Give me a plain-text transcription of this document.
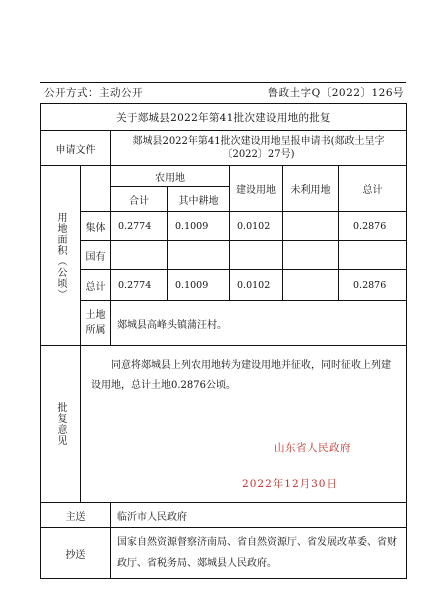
公开方式：主动公开	鲁政土字Q〔2022〕126号
关于郯城县2022年第41批次建设用地的批复						
申请文件		郯城县2022年第41批次建设用地呈报申请书(郯政土呈字〔2022〕27号)				

用地面积（公顷）		农用地		建设用地	未利用地	总计
		合计	其中耕地			
	集体	0.2774	0.1009	0.0102		0.2876
	国有					
	总计	0.2774	0.1009	0.0102		0.2876
	土地所属	郯城县高峰头镇蒲汪村。				

批复意见	同意将郯城县上列农用地转为建设用地并征收，同时征收上列建设用地，总计土地0.2876公顷。					

	山东省人民政府
2022年12月30日					

主送		临沂市人民政府				
抄送		国家自然资源督察济南局、省自然资源厅、省发展改革委、省财政厅、省税务局、郯城县人民政府。				
